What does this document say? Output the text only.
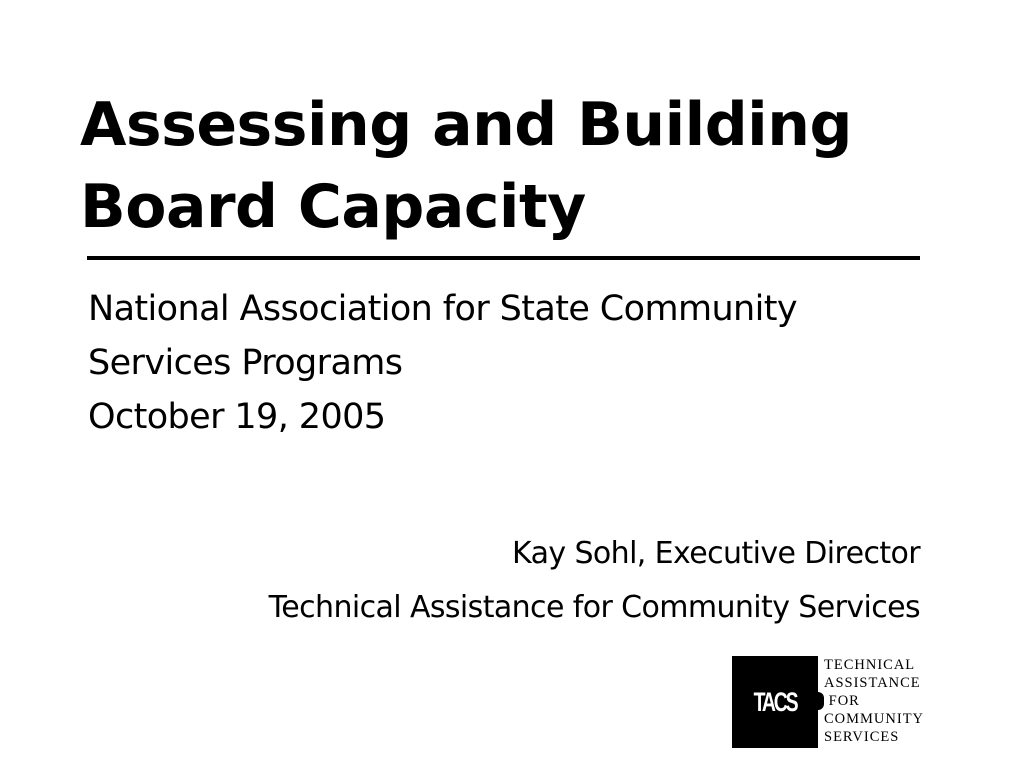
Assessing and Building
Board Capacity
National Association for State Community
Services Programs
October 19, 2005
Kay Sohl, Executive Director
Technical Assistance for Community Services
TACS
TECHNICAL
ASSISTANCE
FOR
COMMUNITY
SERVICES
